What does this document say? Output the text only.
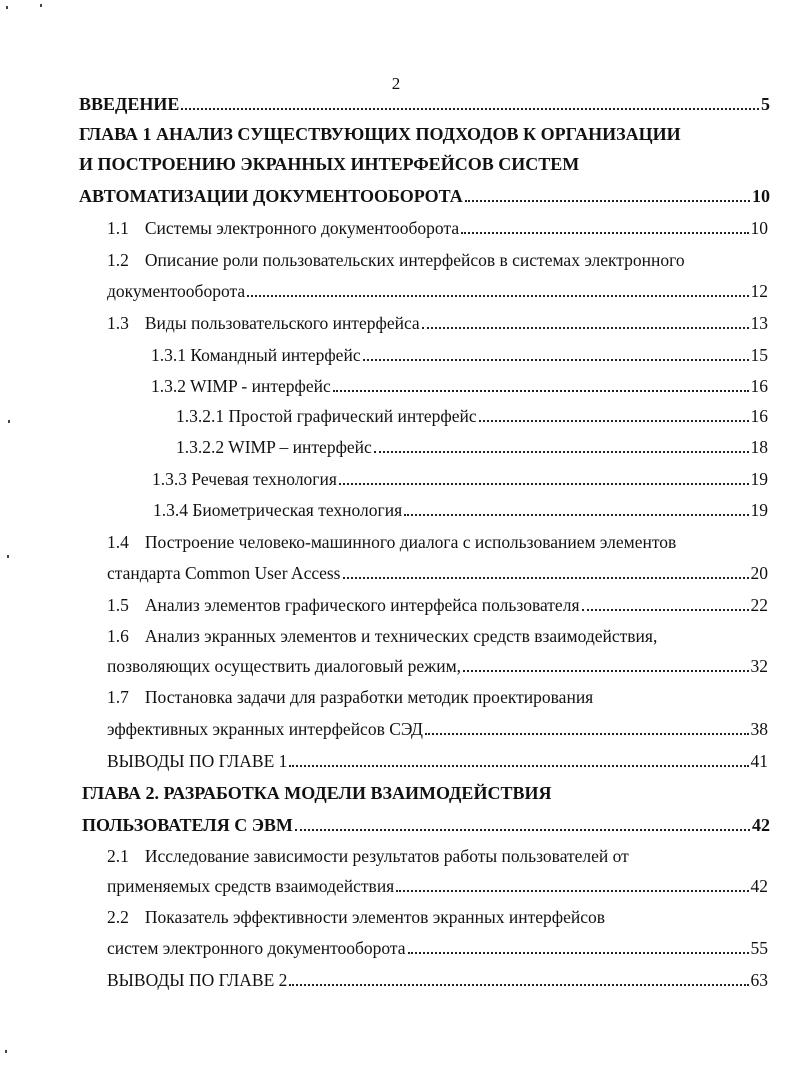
2
ВВЕДЕНИЕ	5
ГЛАВА 1 АНАЛИЗ СУЩЕСТВУЮЩИХ ПОДХОДОВ К ОРГАНИЗАЦИИ
И ПОСТРОЕНИЮ ЭКРАННЫХ ИНТЕРФЕЙСОВ СИСТЕМ
АВТОМАТИЗАЦИИ ДОКУМЕНТООБОРОТА	10
1.1 Системы электронного документооборота	10
1.2 Описание роли пользовательских интерфейсов в системах электронного
документооборота	12
1.3 Виды пользовательского интерфейса	13
1.3.1 Командный интерфейс	15
1.3.2 WIMP - интерфейс	16
1.3.2.1 Простой графический интерфейс	16
1.3.2.2 WIMP – интерфейс	18
1.3.3 Речевая технология	19
1.3.4 Биометрическая технология	19
1.4 Построение человеко-машинного диалога с использованием элементов
стандарта Common User Access	20
1.5 Анализ элементов графического интерфейса пользователя	22
1.6 Анализ экранных элементов и технических средств взаимодействия,
позволяющих осуществить диалоговый режим,	32
1.7 Постановка задачи для разработки методик проектирования
эффективных экранных интерфейсов СЭД	38
ВЫВОДЫ ПО ГЛАВЕ 1	41
ГЛАВА 2. РАЗРАБОТКА МОДЕЛИ ВЗАИМОДЕЙСТВИЯ
ПОЛЬЗОВАТЕЛЯ С ЭВМ	42
2.1 Исследование зависимости результатов работы пользователей от
применяемых средств взаимодействия	42
2.2 Показатель эффективности элементов экранных интерфейсов
систем электронного документооборота	55
ВЫВОДЫ ПО ГЛАВЕ 2	63
